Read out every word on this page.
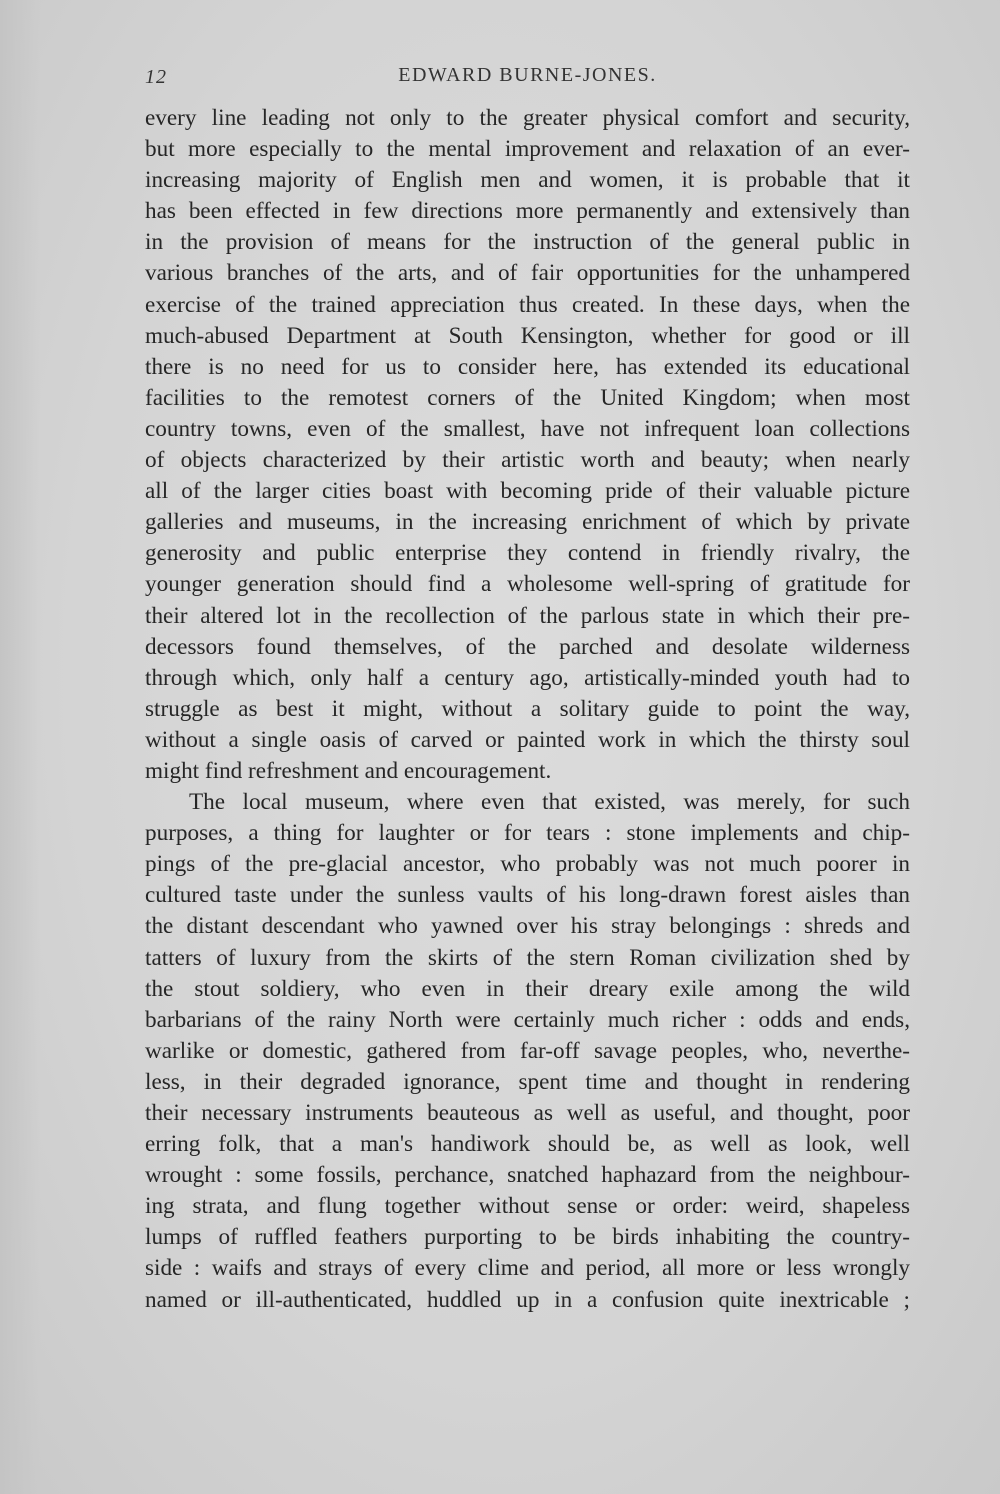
12	EDWARD BURNE-JONES.
every line leading not only to the greater physical comfort and security,
but more especially to the mental improvement and relaxation of an ever-
increasing majority of English men and women, it is probable that it
has been effected in few directions more permanently and extensively than
in the provision of means for the instruction of the general public in
various branches of the arts, and of fair opportunities for the unhampered
exercise of the trained appreciation thus created. In these days, when the
much-abused Department at South Kensington, whether for good or ill
there is no need for us to consider here, has extended its educational
facilities to the remotest corners of the United Kingdom; when most
country towns, even of the smallest, have not infrequent loan collections
of objects characterized by their artistic worth and beauty; when nearly
all of the larger cities boast with becoming pride of their valuable picture
galleries and museums, in the increasing enrichment of which by private
generosity and public enterprise they contend in friendly rivalry, the
younger generation should find a wholesome well-spring of gratitude for
their altered lot in the recollection of the parlous state in which their pre-
decessors found themselves, of the parched and desolate wilderness
through which, only half a century ago, artistically-minded youth had to
struggle as best it might, without a solitary guide to point the way,
without a single oasis of carved or painted work in which the thirsty soul
might find refreshment and encouragement.
The local museum, where even that existed, was merely, for such
purposes, a thing for laughter or for tears : stone implements and chip-
pings of the pre-glacial ancestor, who probably was not much poorer in
cultured taste under the sunless vaults of his long-drawn forest aisles than
the distant descendant who yawned over his stray belongings : shreds and
tatters of luxury from the skirts of the stern Roman civilization shed by
the stout soldiery, who even in their dreary exile among the wild
barbarians of the rainy North were certainly much richer : odds and ends,
warlike or domestic, gathered from far-off savage peoples, who, neverthe-
less, in their degraded ignorance, spent time and thought in rendering
their necessary instruments beauteous as well as useful, and thought, poor
erring folk, that a man's handiwork should be, as well as look, well
wrought : some fossils, perchance, snatched haphazard from the neighbour-
ing strata, and flung together without sense or order: weird, shapeless
lumps of ruffled feathers purporting to be birds inhabiting the country-
side : waifs and strays of every clime and period, all more or less wrongly
named or ill-authenticated, huddled up in a confusion quite inextricable ;
